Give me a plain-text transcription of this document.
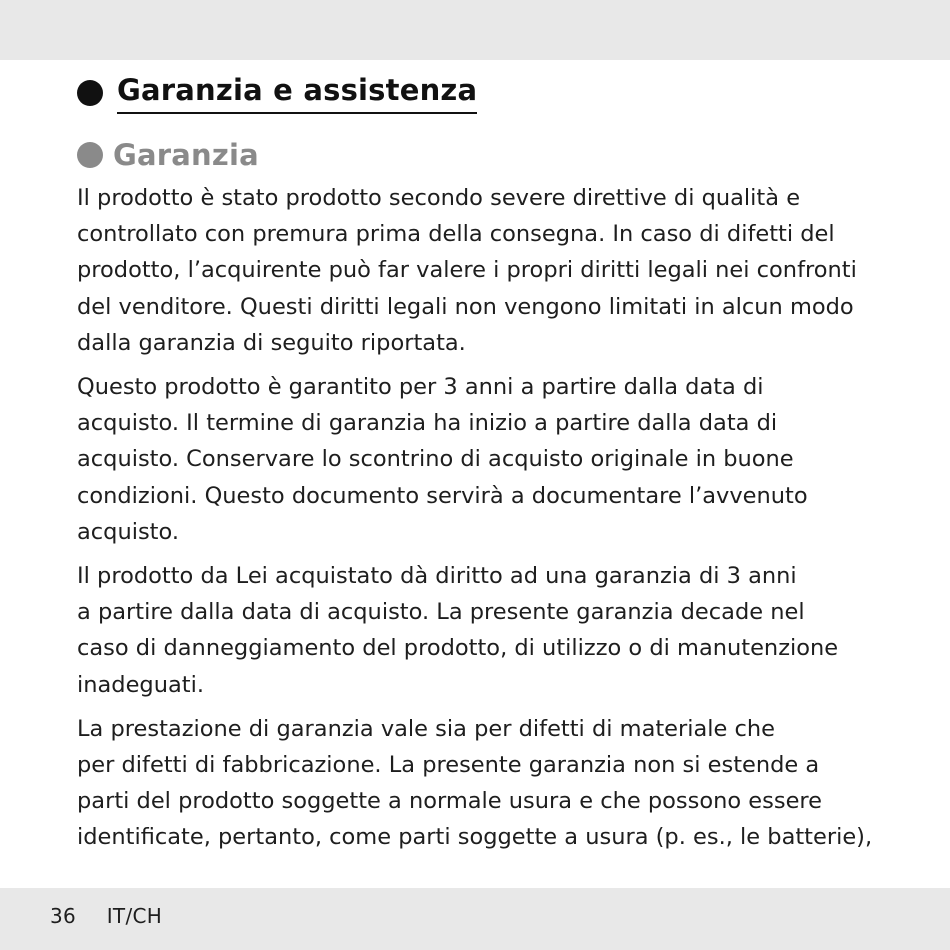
Garanzia e assistenza
Garanzia

Il prodotto è stato prodotto secondo severe direttive di qualità e
controllato con premura prima della consegna. In caso di difetti del
prodotto, l’acquirente può far valere i propri diritti legali nei confronti
del venditore. Questi diritti legali non vengono limitati in alcun modo
dalla garanzia di seguito riportata.

Questo prodotto è garantito per 3 anni a partire dalla data di
acquisto. Il termine di garanzia ha inizio a partire dalla data di
acquisto. Conservare lo scontrino di acquisto originale in buone
condizioni. Questo documento servirà a documentare l’avvenuto
acquisto.

Il prodotto da Lei acquistato dà diritto ad una garanzia di 3 anni
a partire dalla data di acquisto. La presente garanzia decade nel
caso di danneggiamento del prodotto, di utilizzo o di manutenzione
inadeguati.

La prestazione di garanzia vale sia per difetti di materiale che
per difetti di fabbricazione. La presente garanzia non si estende a
parti del prodotto soggette a normale usura e che possono essere
identificate, pertanto, come parti soggette a usura (p. es., le batterie),

36 IT/CH
